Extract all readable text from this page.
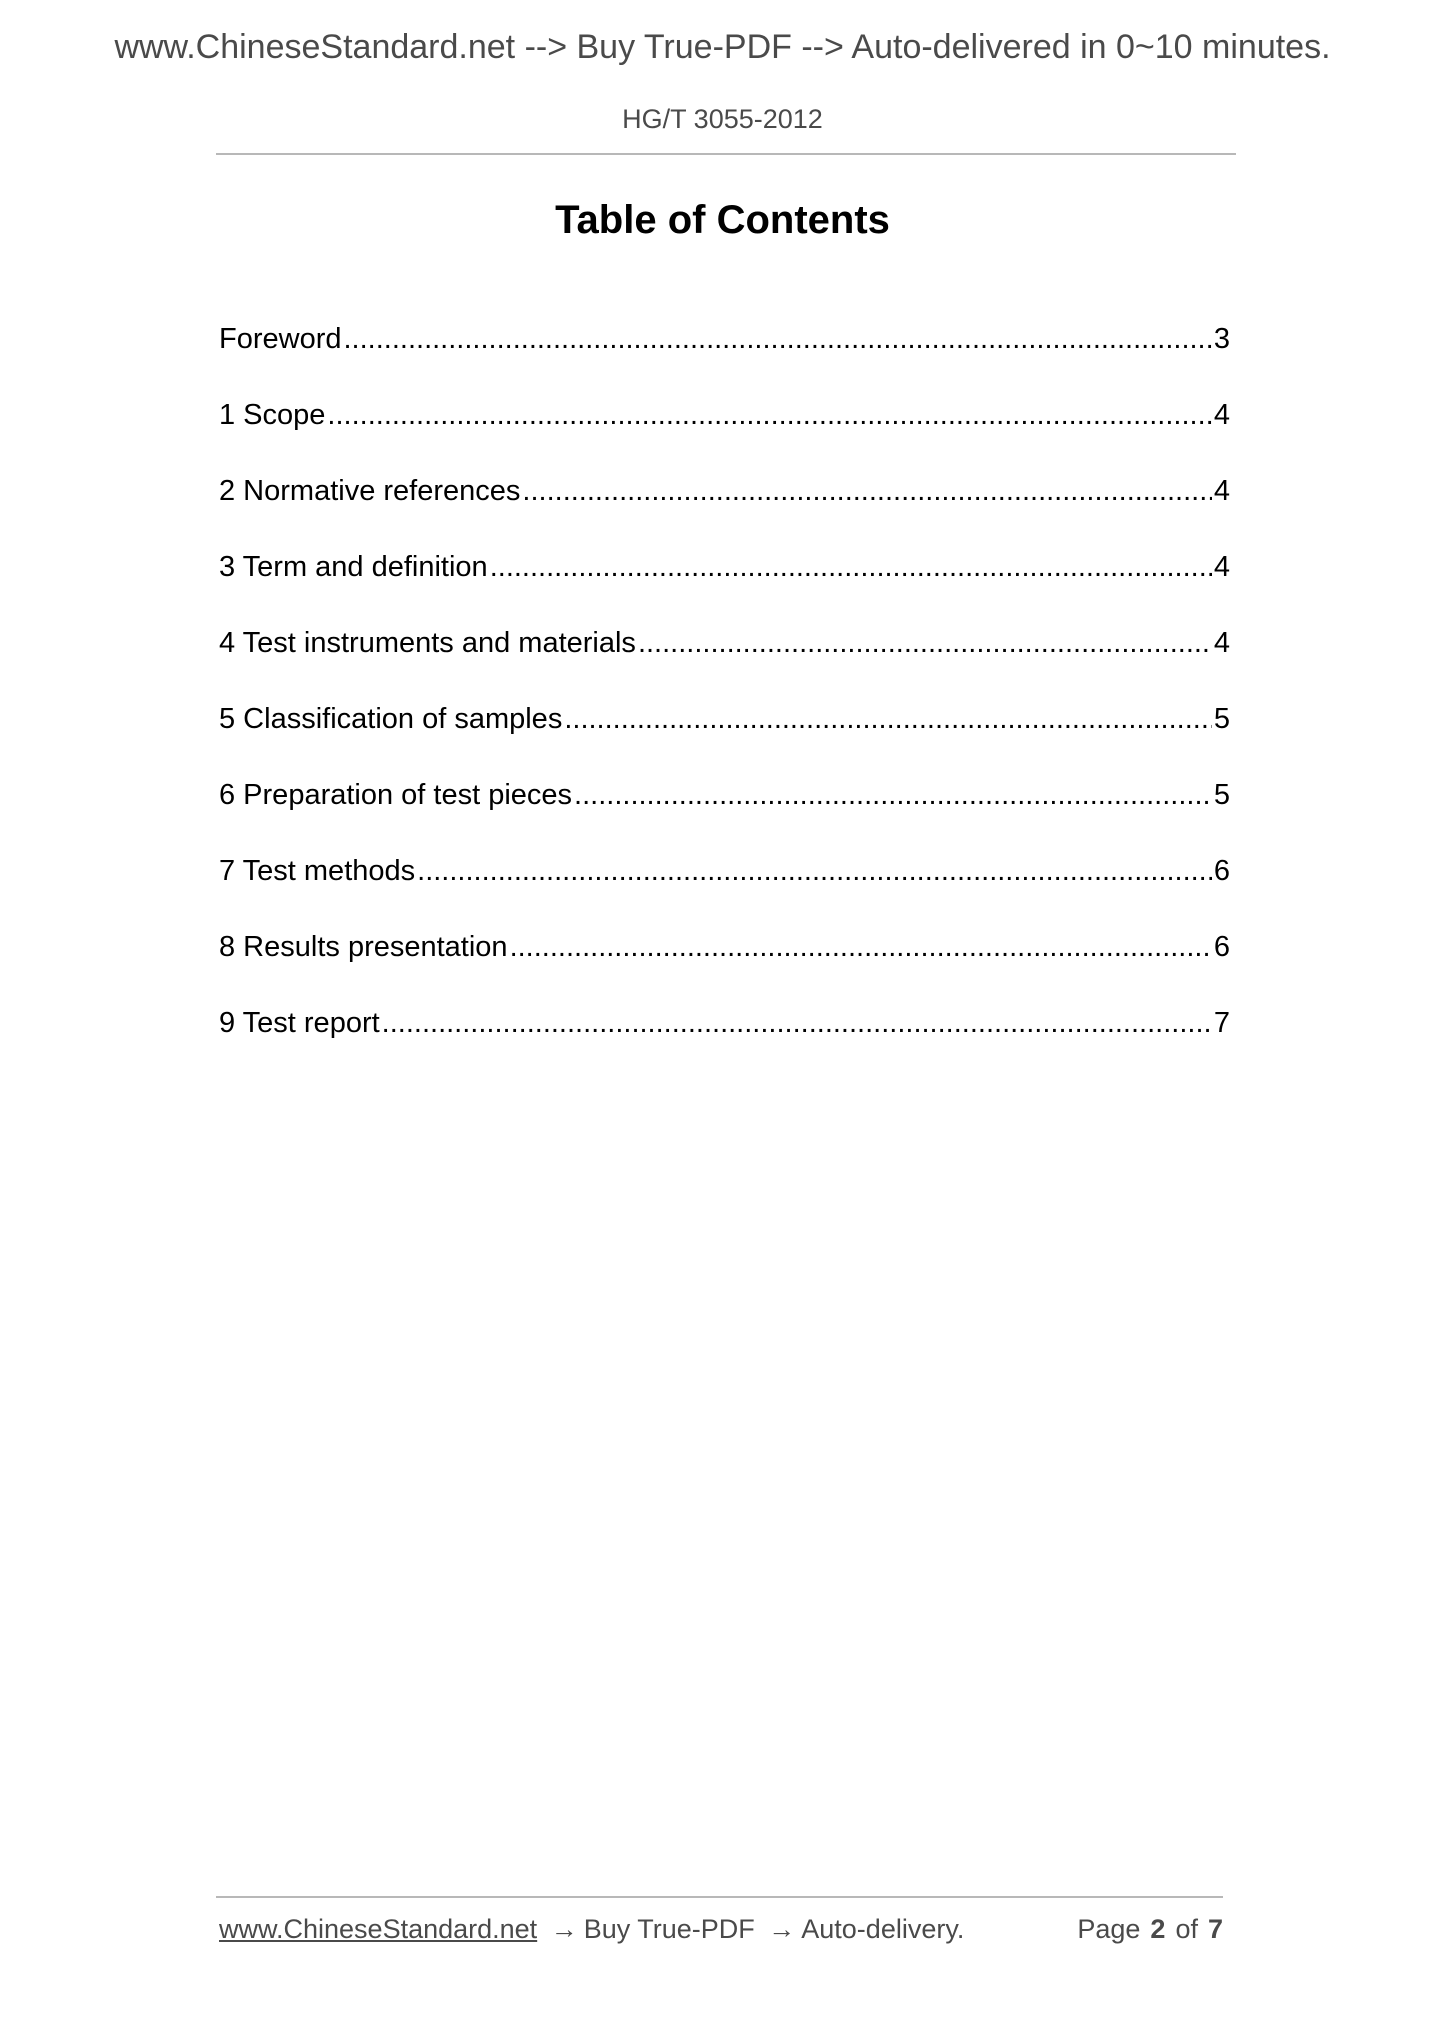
www.ChineseStandard.net --> Buy True-PDF --> Auto-delivered in 0~10 minutes.
HG/T 3055-2012
Table of Contents
Foreword .....	3
1 Scope .....	4
2 Normative references .....	4
3 Term and definition .....	4
4 Test instruments and materials .....	4
5 Classification of samples .....	5
6 Preparation of test pieces .....	5
7 Test methods .....	6
8 Results presentation .....	6
9 Test report .....	7
www.ChineseStandard.net → Buy True-PDF → Auto-delivery.	Page 2 of 7
